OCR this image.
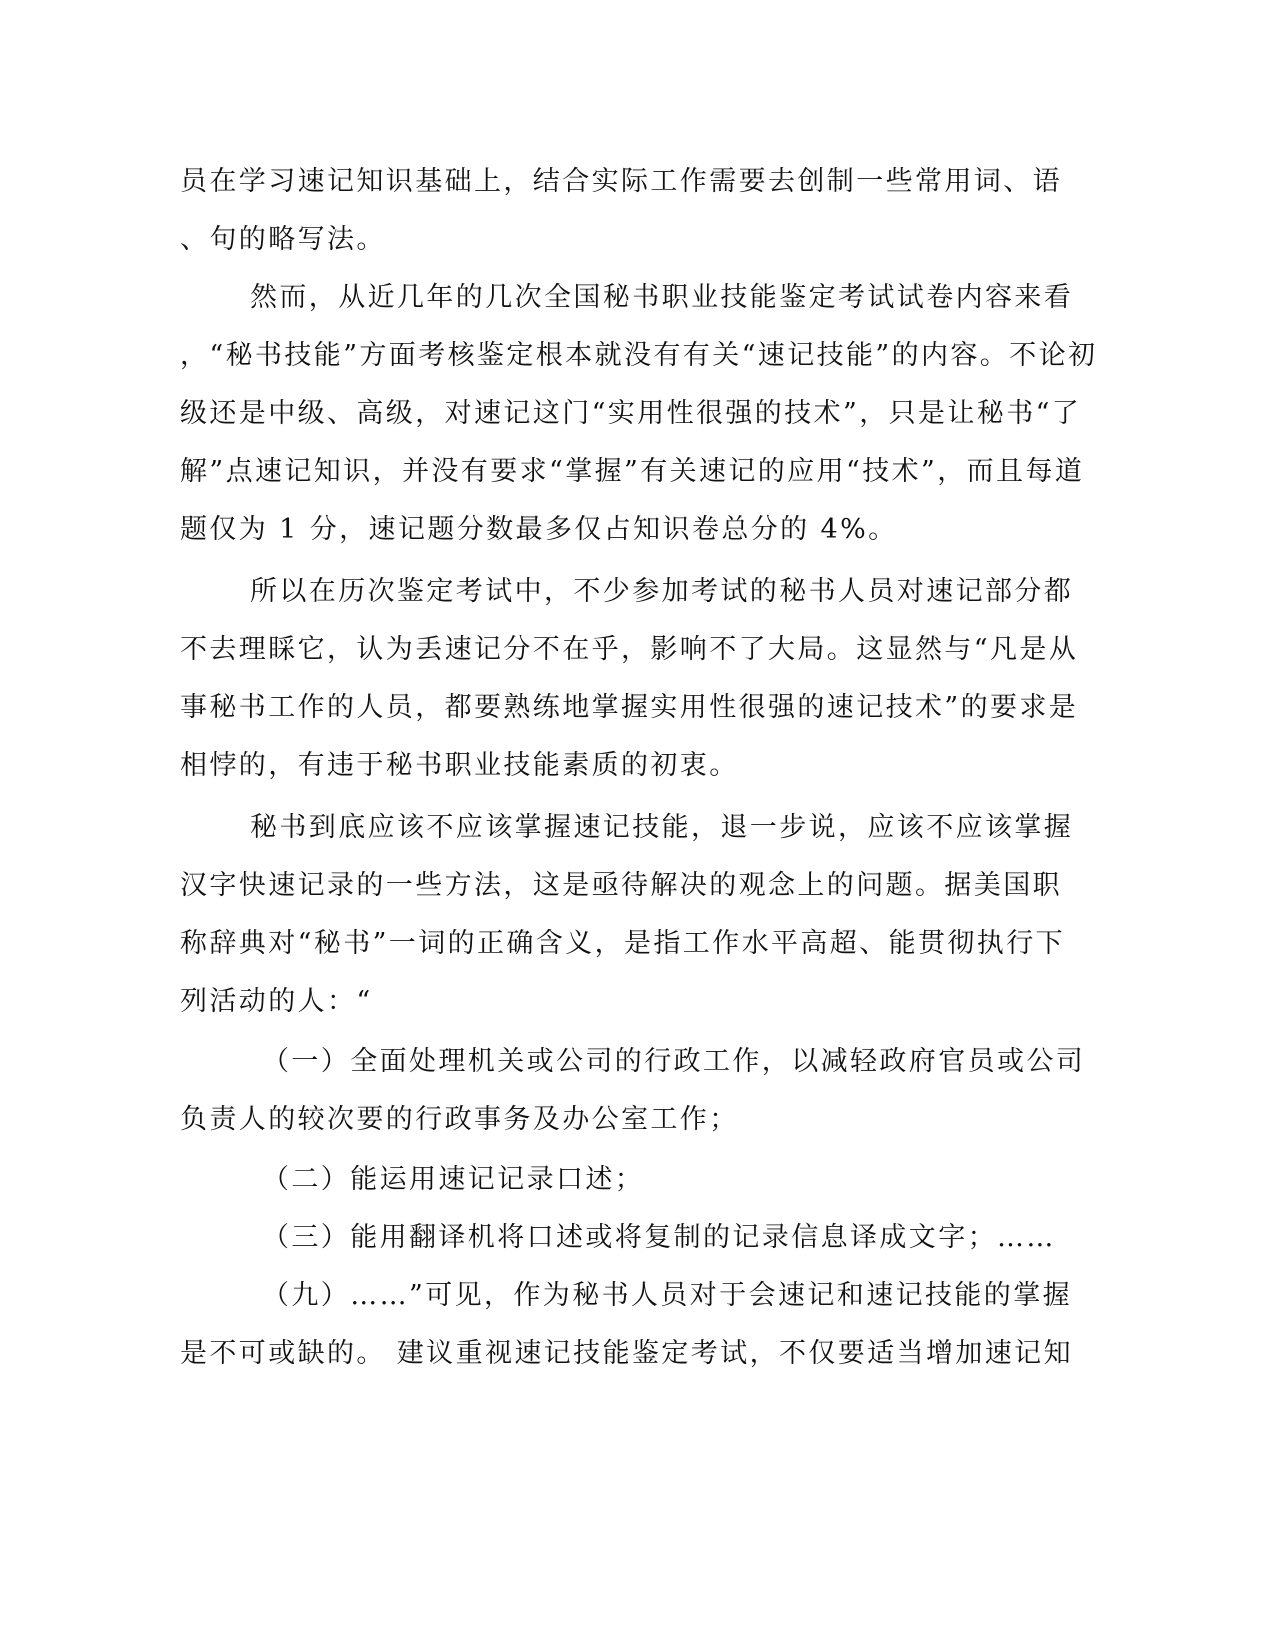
员在学习速记知识基础上，结合实际工作需要去创制一些常用词、语
、句的略写法。
然而，从近几年的几次全国秘书职业技能鉴定考试试卷内容来看
，“秘书技能”方面考核鉴定根本就没有有关“速记技能”的内容。不论初
级还是中级、高级，对速记这门“实用性很强的技术”，只是让秘书“了
解”点速记知识，并没有要求“掌握”有关速记的应用“技术”，而且每道
题仅为 1 分，速记题分数最多仅占知识卷总分的 4%。
所以在历次鉴定考试中，不少参加考试的秘书人员对速记部分都
不去理睬它，认为丢速记分不在乎，影响不了大局。这显然与“凡是从
事秘书工作的人员，都要熟练地掌握实用性很强的速记技术”的要求是
相悖的，有违于秘书职业技能素质的初衷。
秘书到底应该不应该掌握速记技能，退一步说，应该不应该掌握
汉字快速记录的一些方法，这是亟待解决的观念上的问题。据美国职
称辞典对“秘书”一词的正确含义，是指工作水平高超、能贯彻执行下
列活动的人：“
（一）全面处理机关或公司的行政工作，以减轻政府官员或公司
负责人的较次要的行政事务及办公室工作；
（二）能运用速记记录口述；
（三）能用翻译机将口述或将复制的记录信息译成文字；……
（九）……”可见，作为秘书人员对于会速记和速记技能的掌握
是不可或缺的。 建议重视速记技能鉴定考试，不仅要适当增加速记知
